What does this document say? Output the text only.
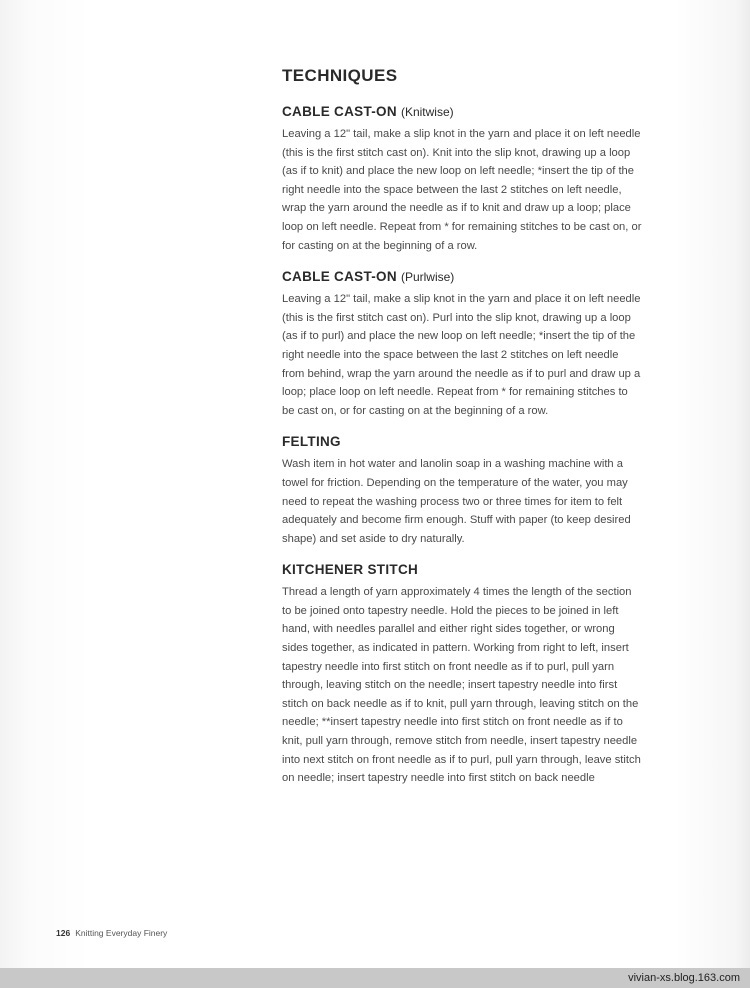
TECHNIQUES
CABLE CAST-ON (Knitwise)

Leaving a 12" tail, make a slip knot in the yarn and place it on left needle (this is the first stitch cast on). Knit into the slip knot, drawing up a loop (as if to knit) and place the new loop on left needle; *insert the tip of the right needle into the space between the last 2 stitches on left needle, wrap the yarn around the needle as if to knit and draw up a loop; place loop on left needle. Repeat from * for remaining stitches to be cast on, or for casting on at the beginning of a row.

CABLE CAST-ON (Purlwise)

Leaving a 12" tail, make a slip knot in the yarn and place it on left needle (this is the first stitch cast on). Purl into the slip knot, drawing up a loop (as if to purl) and place the new loop on left needle; *insert the tip of the right needle into the space between the last 2 stitches on left needle from behind, wrap the yarn around the needle as if to purl and draw up a loop; place loop on left needle. Repeat from * for remaining stitches to be cast on, or for casting on at the beginning of a row.

FELTING

Wash item in hot water and lanolin soap in a washing machine with a towel for friction. Depending on the temperature of the water, you may need to repeat the washing process two or three times for item to felt adequately and become firm enough. Stuff with paper (to keep desired shape) and set aside to dry naturally.

KITCHENER STITCH

Thread a length of yarn approximately 4 times the length of the section to be joined onto tapestry needle. Hold the pieces to be joined in left hand, with needles parallel and either right sides together, or wrong sides together, as indicated in pattern. Working from right to left, insert tapestry needle into first stitch on front needle as if to purl, pull yarn through, leaving stitch on the needle; insert tapestry needle into first stitch on back needle as if to knit, pull yarn through, leaving stitch on the needle; **insert tapestry needle into first stitch on front needle as if to knit, pull yarn through, remove stitch from needle, insert tapestry needle into next stitch on front needle as if to purl, pull yarn through, leave stitch on needle; insert tapestry needle into first stitch on back needle

126 Knitting Everyday Finery
vivian-xs.blog.163.com
